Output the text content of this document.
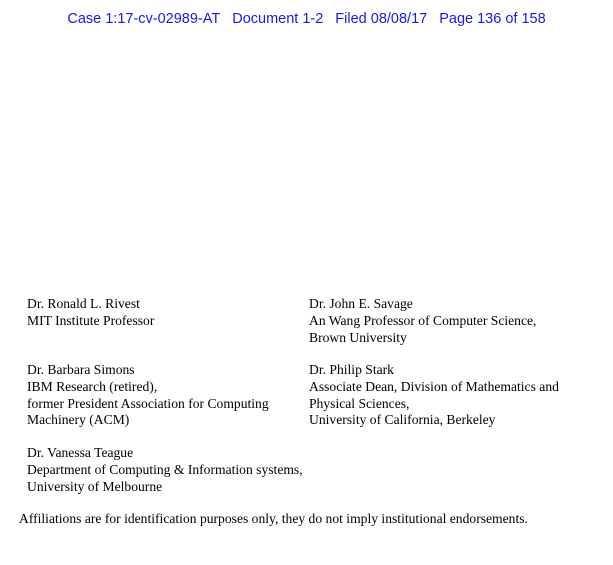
Case 1:17-cv-02989-AT Document 1-2 Filed 08/08/17 Page 136 of 158
Dr. Ronald L. Rivest
MIT Institute Professor
Dr. John E. Savage
An Wang Professor of Computer Science,
Brown University
Dr. Barbara Simons
IBM Research (retired),
former President Association for Computing
Machinery (ACM)
Dr. Philip Stark
Associate Dean, Division of Mathematics and
Physical Sciences,
University of California, Berkeley
Dr. Vanessa Teague
Department of Computing & Information systems,
University of Melbourne
Affiliations are for identification purposes only, they do not imply institutional endorsements.
